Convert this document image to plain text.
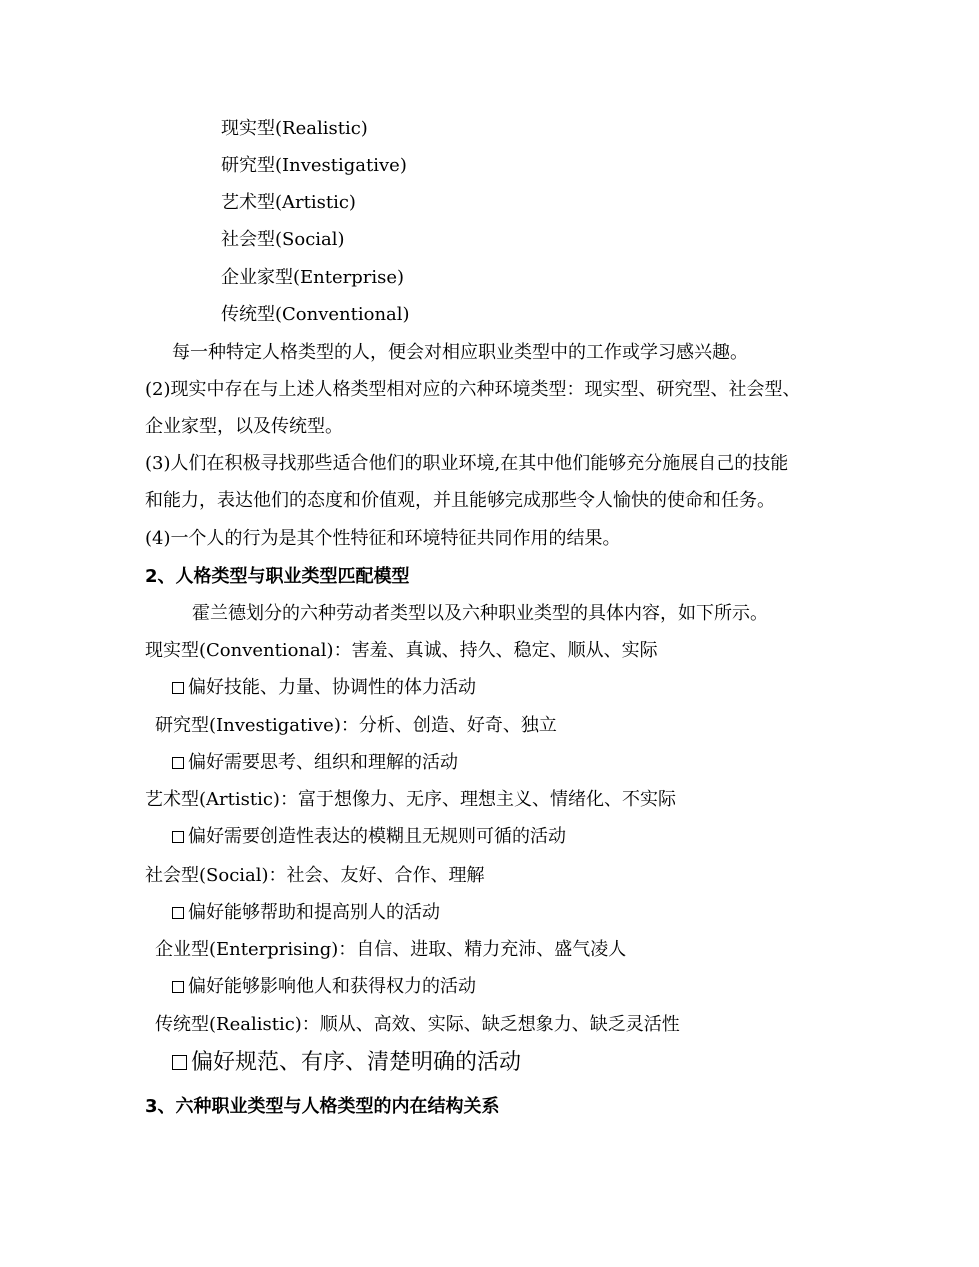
现实型(Realistic)
研究型(Investigative)
艺术型(Artistic)
社会型(Social)
企业家型(Enterprise)
传统型(Conventional)
每一种特定人格类型的人，便会对相应职业类型中的工作或学习感兴趣。
(2)现实中存在与上述人格类型相对应的六种环境类型：现实型、研究型、社会型、
企业家型，以及传统型。
(3)人们在积极寻找那些适合他们的职业环境,在其中他们能够充分施展自己的技能
和能力，表达他们的态度和价值观，并且能够完成那些令人愉快的使命和任务。
(4)一个人的行为是其个性特征和环境特征共同作用的结果。
2、人格类型与职业类型匹配模型
霍兰德划分的六种劳动者类型以及六种职业类型的具体内容，如下所示。
现实型(Conventional)：害羞、真诚、持久、稳定、顺从、实际
偏好技能、力量、协调性的体力活动
研究型(Investigative)：分析、创造、好奇、独立
偏好需要思考、组织和理解的活动
艺术型(Artistic)：富于想像力、无序、理想主义、情绪化、不实际
偏好需要创造性表达的模糊且无规则可循的活动
社会型(Social)：社会、友好、合作、理解
偏好能够帮助和提高别人的活动
企业型(Enterprising)：自信、进取、精力充沛、盛气凌人
偏好能够影响他人和获得权力的活动
传统型(Realistic)：顺从、高效、实际、缺乏想象力、缺乏灵活性
偏好规范、有序、清楚明确的活动
3、六种职业类型与人格类型的内在结构关系
